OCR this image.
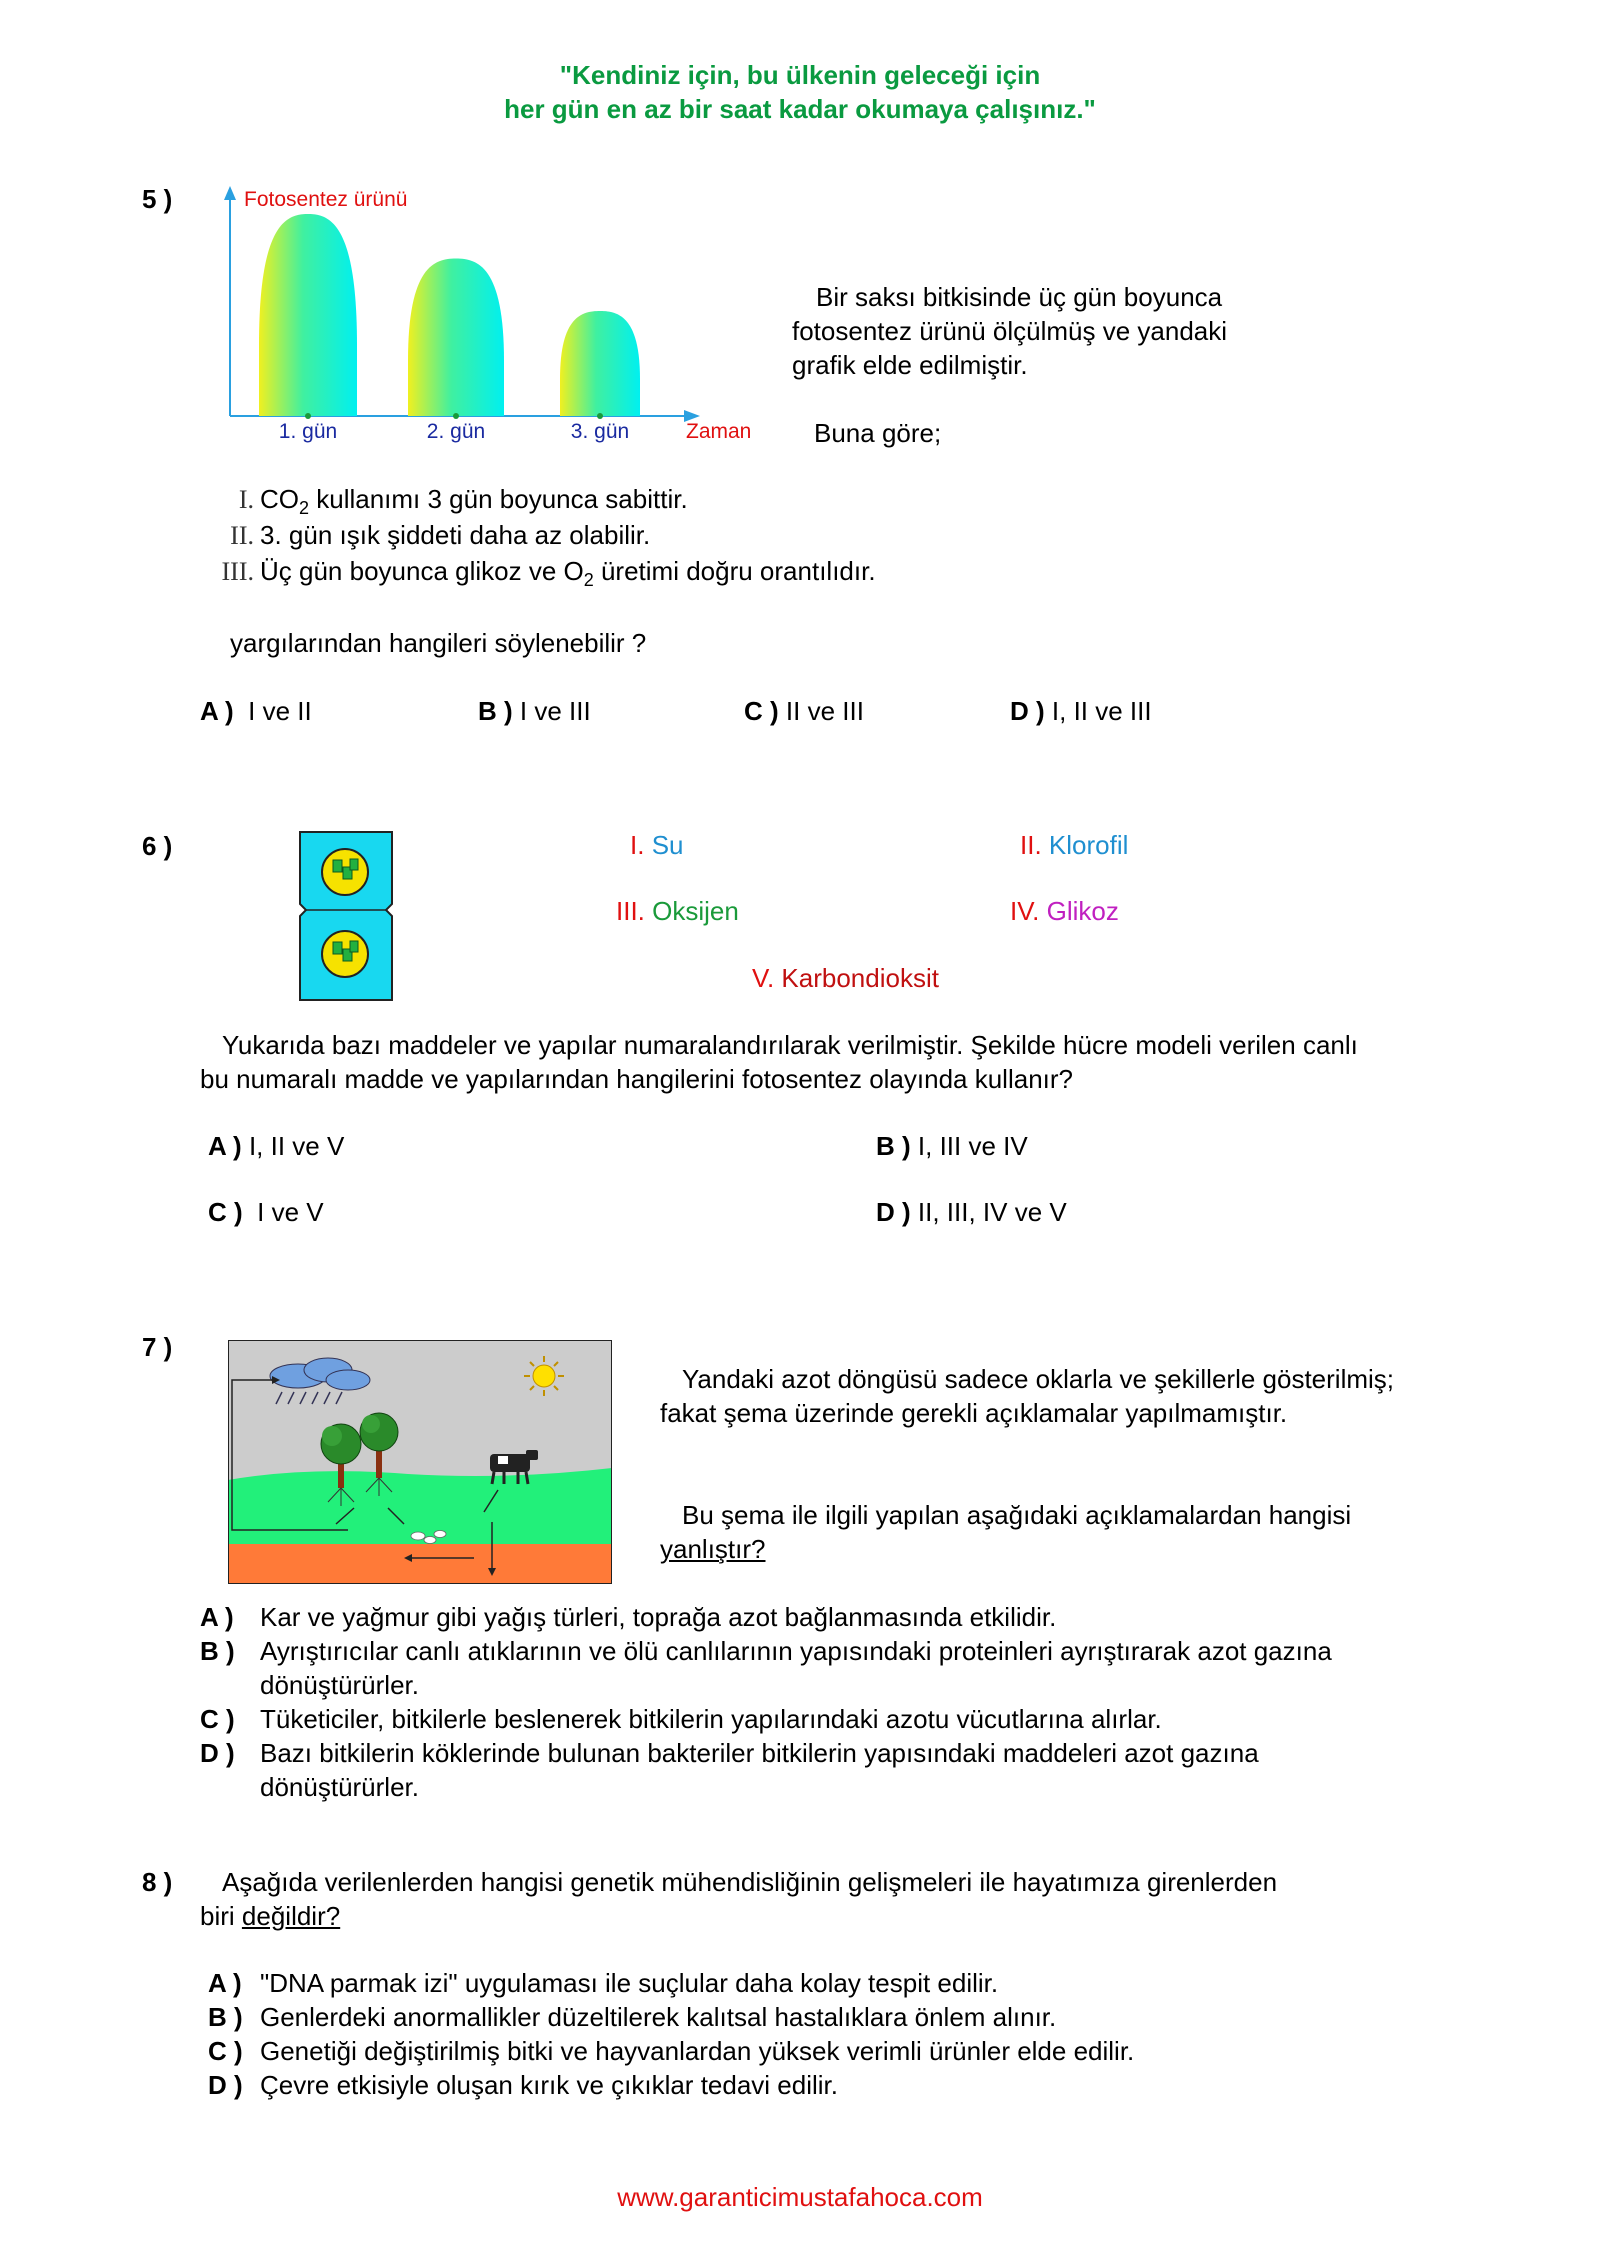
"Kendiniz için, bu ülkenin geleceği için
her gün en az bir saat kadar okumaya çalışınız."
5 )	Fotosentez ürünü
Zaman
1. gün	2. gün	3. gün
Bir saksı bitkisinde üç gün boyunca
fotosentez ürünü ölçülmüş ve yandaki
grafik elde edilmiştir.
Buna göre;
I. $CO_2$ kullanımı 3 gün boyunca sabittir.
II. 3. gün ışık şiddeti daha az olabilir.
III. Üç gün boyunca glikoz ve $O_2$ üretimi doğru orantılıdır.
yargılarından hangileri söylenebilir ?
A ) I ve II	B ) I ve III	C ) II ve III	D ) I, II ve III
6 )	I. Su	II. Klorofil
III. Oksijen	IV. Glikoz
V. Karbondioksit
Yukarıda bazı maddeler ve yapılar numaralandırılarak verilmiştir. Şekilde hücre modeli verilen canlı
bu numaralı madde ve yapılarından hangilerini fotosentez olayında kullanır?
A ) I, II ve V	B ) I, III ve IV
C ) I ve V	D ) II, III, IV ve V
7 )
Yandaki azot döngüsü sadece oklarla ve şekillerle gösterilmiş;
fakat şema üzerinde gerekli açıklamalar yapılmamıştır.
Bu şema ile ilgili yapılan aşağıdaki açıklamalardan hangisi
yanlıştır?
A )	Kar ve yağmur gibi yağış türleri, toprağa azot bağlanmasında etkilidir.
B ) Ayrıştırıcılar canlı atıklarının ve ölü canlılarının yapısındaki proteinleri ayrıştırarak azot gazına
dönüştürürler.
C ) Tüketiciler, bitkilerle beslenerek bitkilerin yapılarındaki azotu vücutlarına alırlar.
D ) Bazı bitkilerin köklerinde bulunan bakteriler bitkilerin yapısındaki maddeleri azot gazına
dönüştürürler.
8 )	Aşağıda verilenlerden hangisi genetik mühendisliğinin gelişmeleri ile hayatımıza girenlerden
biri değildir?
A ) "DNA parmak izi" uygulaması ile suçlular daha kolay tespit edilir.
B ) Genlerdeki anormallikler düzeltilerek kalıtsal hastalıklara önlem alınır.
C ) Genetiği değiştirilmiş bitki ve hayvanlardan yüksek verimli ürünler elde edilir.
D ) Çevre etkisiyle oluşan kırık ve çıkıklar tedavi edilir.
www.garanticimustafahoca.com
